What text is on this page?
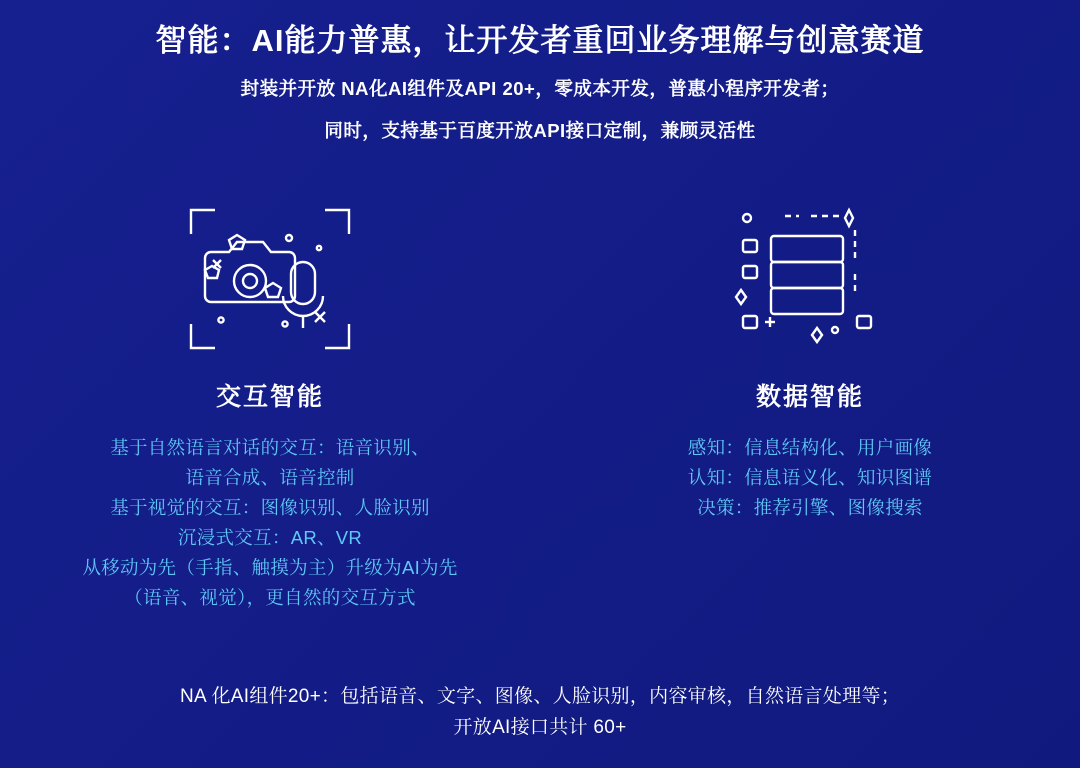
智能：AI能力普惠，让开发者重回业务理解与创意赛道
封装并开放 NA化AI组件及API 20+，零成本开发，普惠小程序开发者；
同时，支持基于百度开放API接口定制，兼顾灵活性
交互智能
基于自然语言对话的交互：语音识别、
语音合成、语音控制
基于视觉的交互：图像识别、人脸识别
沉浸式交互：AR、VR
从移动为先（手指、触摸为主）升级为AI为先
（语音、视觉），更自然的交互方式
数据智能
感知：信息结构化、用户画像
认知：信息语义化、知识图谱
决策：推荐引擎、图像搜索
NA 化AI组件20+：包括语音、文字、图像、人脸识别，内容审核，自然语言处理等；
开放AI接口共计 60+
